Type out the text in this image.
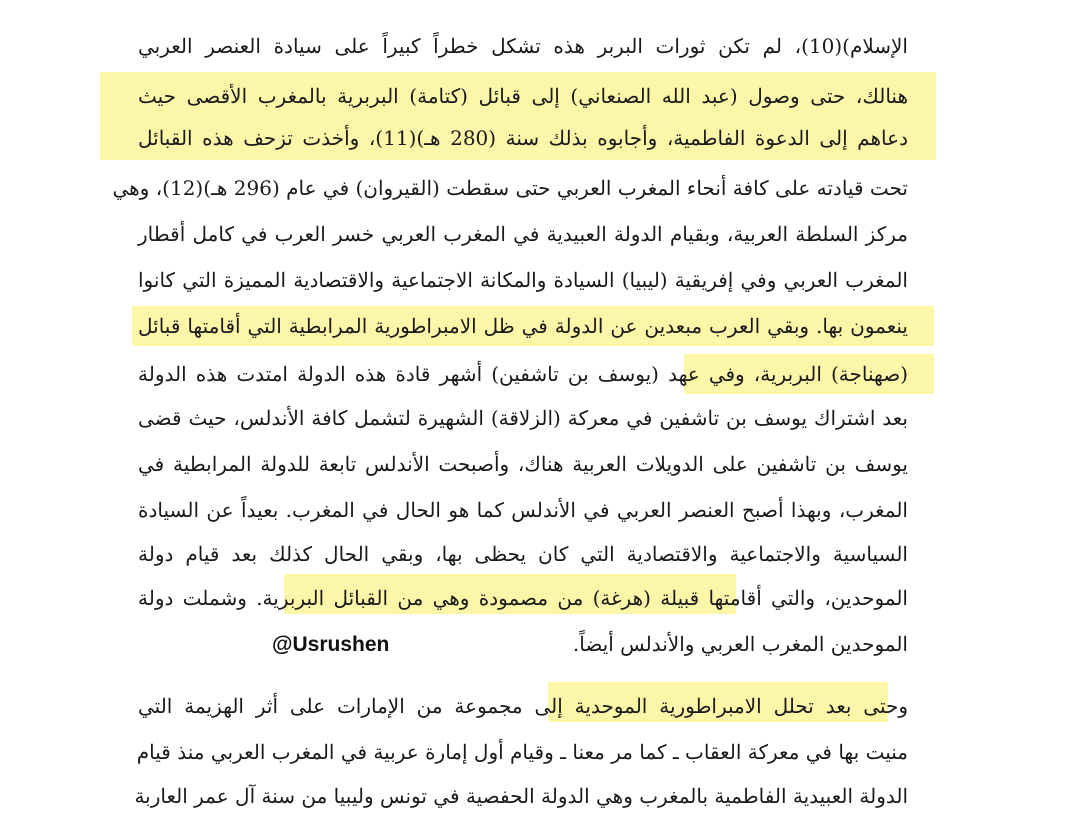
الإسلام)(10)، لم تكن ثورات البربر هذه تشكل خطراً كبيراً على سيادة العنصر العربي
هنالك، حتى وصول (عبد الله الصنعاني) إلى قبائل (كتامة) البربرية بالمغرب الأقصى حيث
دعاهم إلى الدعوة الفاطمية، وأجابوه بذلك سنة (280 هـ)(11)، وأخذت تزحف هذه القبائل
تحت قيادته على كافة أنحاء المغرب العربي حتى سقطت (القيروان) في عام (296 هـ)(12)، وهي
مركز السلطة العربية، وبقيام الدولة العبيدية في المغرب العربي خسر العرب في كامل أقطار
المغرب العربي وفي إفريقية (ليبيا) السيادة والمكانة الاجتماعية والاقتصادية المميزة التي كانوا
ينعمون بها. وبقي العرب مبعدين عن الدولة في ظل الامبراطورية المرابطية التي أقامتها قبائل
(صهناجة) البربرية، وفي عهد (يوسف بن تاشفين) أشهر قادة هذه الدولة امتدت هذه الدولة
بعد اشتراك يوسف بن تاشفين في معركة (الزلاقة) الشهيرة لتشمل كافة الأندلس، حيث قضى
يوسف بن تاشفين على الدويلات العربية هناك، وأصبحت الأندلس تابعة للدولة المرابطية في
المغرب، وبهذا أصبح العنصر العربي في الأندلس كما هو الحال في المغرب. بعيداً عن السيادة
السياسية والاجتماعية والاقتصادية التي كان يحظى بها، وبقي الحال كذلك بعد قيام دولة
الموحدين، والتي أقامتها قبيلة (هرغة) من مصمودة وهي من القبائل البربرية. وشملت دولة
الموحدين المغرب العربي والأندلس أيضاً.
وحتى بعد تحلل الامبراطورية الموحدية إلى مجموعة من الإمارات على أثر الهزيمة التي
منيت بها في معركة العقاب ـ كما مر معنا ـ وقيام أول إمارة عربية في المغرب العربي منذ قيام
الدولة العبيدية الفاطمية بالمغرب وهي الدولة الحفصية في تونس وليبيا من سنة آل عمر العاربة
@Usrushen
